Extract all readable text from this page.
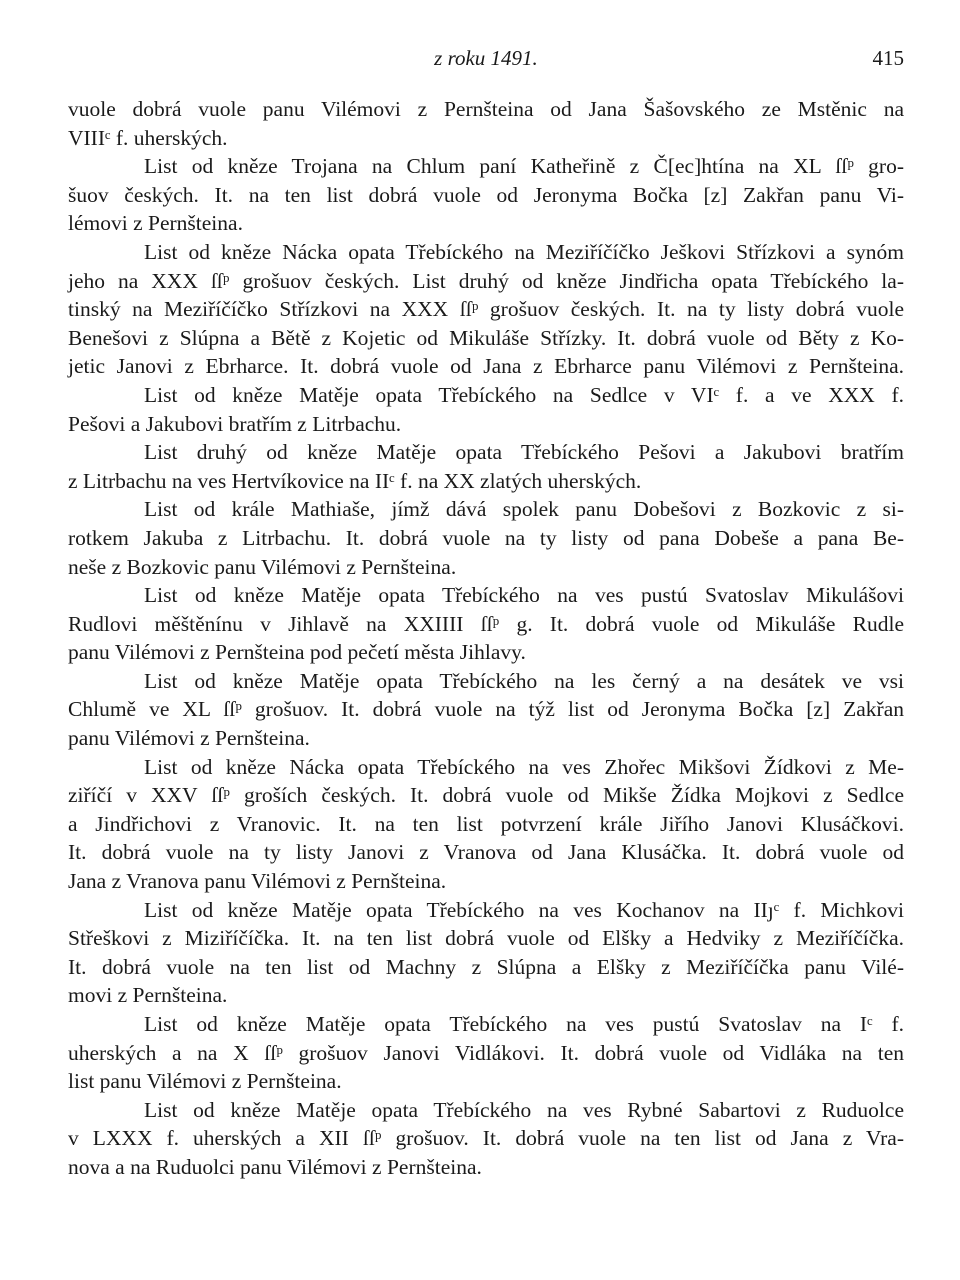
z roku 1491.	415
vuole dobrá vuole panu Vilémovi z Pernšteina od Jana Šašovského ze Mstěnic na
VIIIᶜ f. uherských.
List od kněze Trojana na Chlum paní Katheřině z Č[ec]htína na XL ſſᵖ gro-
šuov českých. It. na ten list dobrá vuole od Jeronyma Bočka [z] Zakřan panu Vi-
lémovi z Pernšteina.
List od kněze Nácka opata Třebíckého na Meziříčíčko Ješkovi Střízkovi a synóm
jeho na XXX ſſᵖ grošuov českých. List druhý od kněze Jindřicha opata Třebíckého la-
tinský na Meziříčíčko Střízkovi na XXX ſſᵖ grošuov českých. It. na ty listy dobrá vuole
Benešovi z Slúpna a Bětě z Kojetic od Mikuláše Střízky. It. dobrá vuole od Běty z Ko-
jetic Janovi z Ebrharce. It. dobrá vuole od Jana z Ebrharce panu Vilémovi z Pernšteina.
List od kněze Matěje opata Třebíckého na Sedlce v VIᶜ f. a ve XXX f.
Pešovi a Jakubovi bratřím z Litrbachu.
List druhý od kněze Matěje opata Třebíckého Pešovi a Jakubovi bratřím
z Litrbachu na ves Hertvíkovice na IIᶜ f. na XX zlatých uherských.
List od krále Mathiaše, jímž dává spolek panu Dobešovi z Bozkovic z si-
rotkem Jakuba z Litrbachu. It. dobrá vuole na ty listy od pana Dobeše a pana Be-
neše z Bozkovic panu Vilémovi z Pernšteina.
List od kněze Matěje opata Třebíckého na ves pustú Svatoslav Mikulášovi
Rudlovi měštěnínu v Jihlavě na XXIIII ſſᵖ g. It. dobrá vuole od Mikuláše Rudle
panu Vilémovi z Pernšteina pod pečetí města Jihlavy.
List od kněze Matěje opata Třebíckého na les černý a na desátek ve vsi
Chlumě ve XL ſſᵖ grošuov. It. dobrá vuole na týž list od Jeronyma Bočka [z] Zakřan
panu Vilémovi z Pernšteina.
List od kněze Nácka opata Třebíckého na ves Zhořec Mikšovi Žídkovi z Me-
ziříčí v XXV ſſᵖ groších českých. It. dobrá vuole od Mikše Žídka Mojkovi z Sedlce
a Jindřichovi z Vranovic. It. na ten list potvrzení krále Jiřího Janovi Klusáčkovi.
It. dobrá vuole na ty listy Janovi z Vranova od Jana Klusáčka. It. dobrá vuole od
Jana z Vranova panu Vilémovi z Pernšteina.
List od kněze Matěje opata Třebíckého na ves Kochanov na IIȷᶜ f. Michkovi
Střeškovi z Miziříčíčka. It. na ten list dobrá vuole od Elšky a Hedviky z Meziříčíčka.
It. dobrá vuole na ten list od Machny z Slúpna a Elšky z Meziříčíčka panu Vilé-
movi z Pernšteina.
List od kněze Matěje opata Třebíckého na ves pustú Svatoslav na Iᶜ f.
uherských a na X ſſᵖ grošuov Janovi Vidlákovi. It. dobrá vuole od Vidláka na ten
list panu Vilémovi z Pernšteina.
List od kněze Matěje opata Třebíckého na ves Rybné Sabartovi z Ruduolce
v LXXX f. uherských a XII ſſᵖ grošuov. It. dobrá vuole na ten list od Jana z Vra-
nova a na Ruduolci panu Vilémovi z Pernšteina.
